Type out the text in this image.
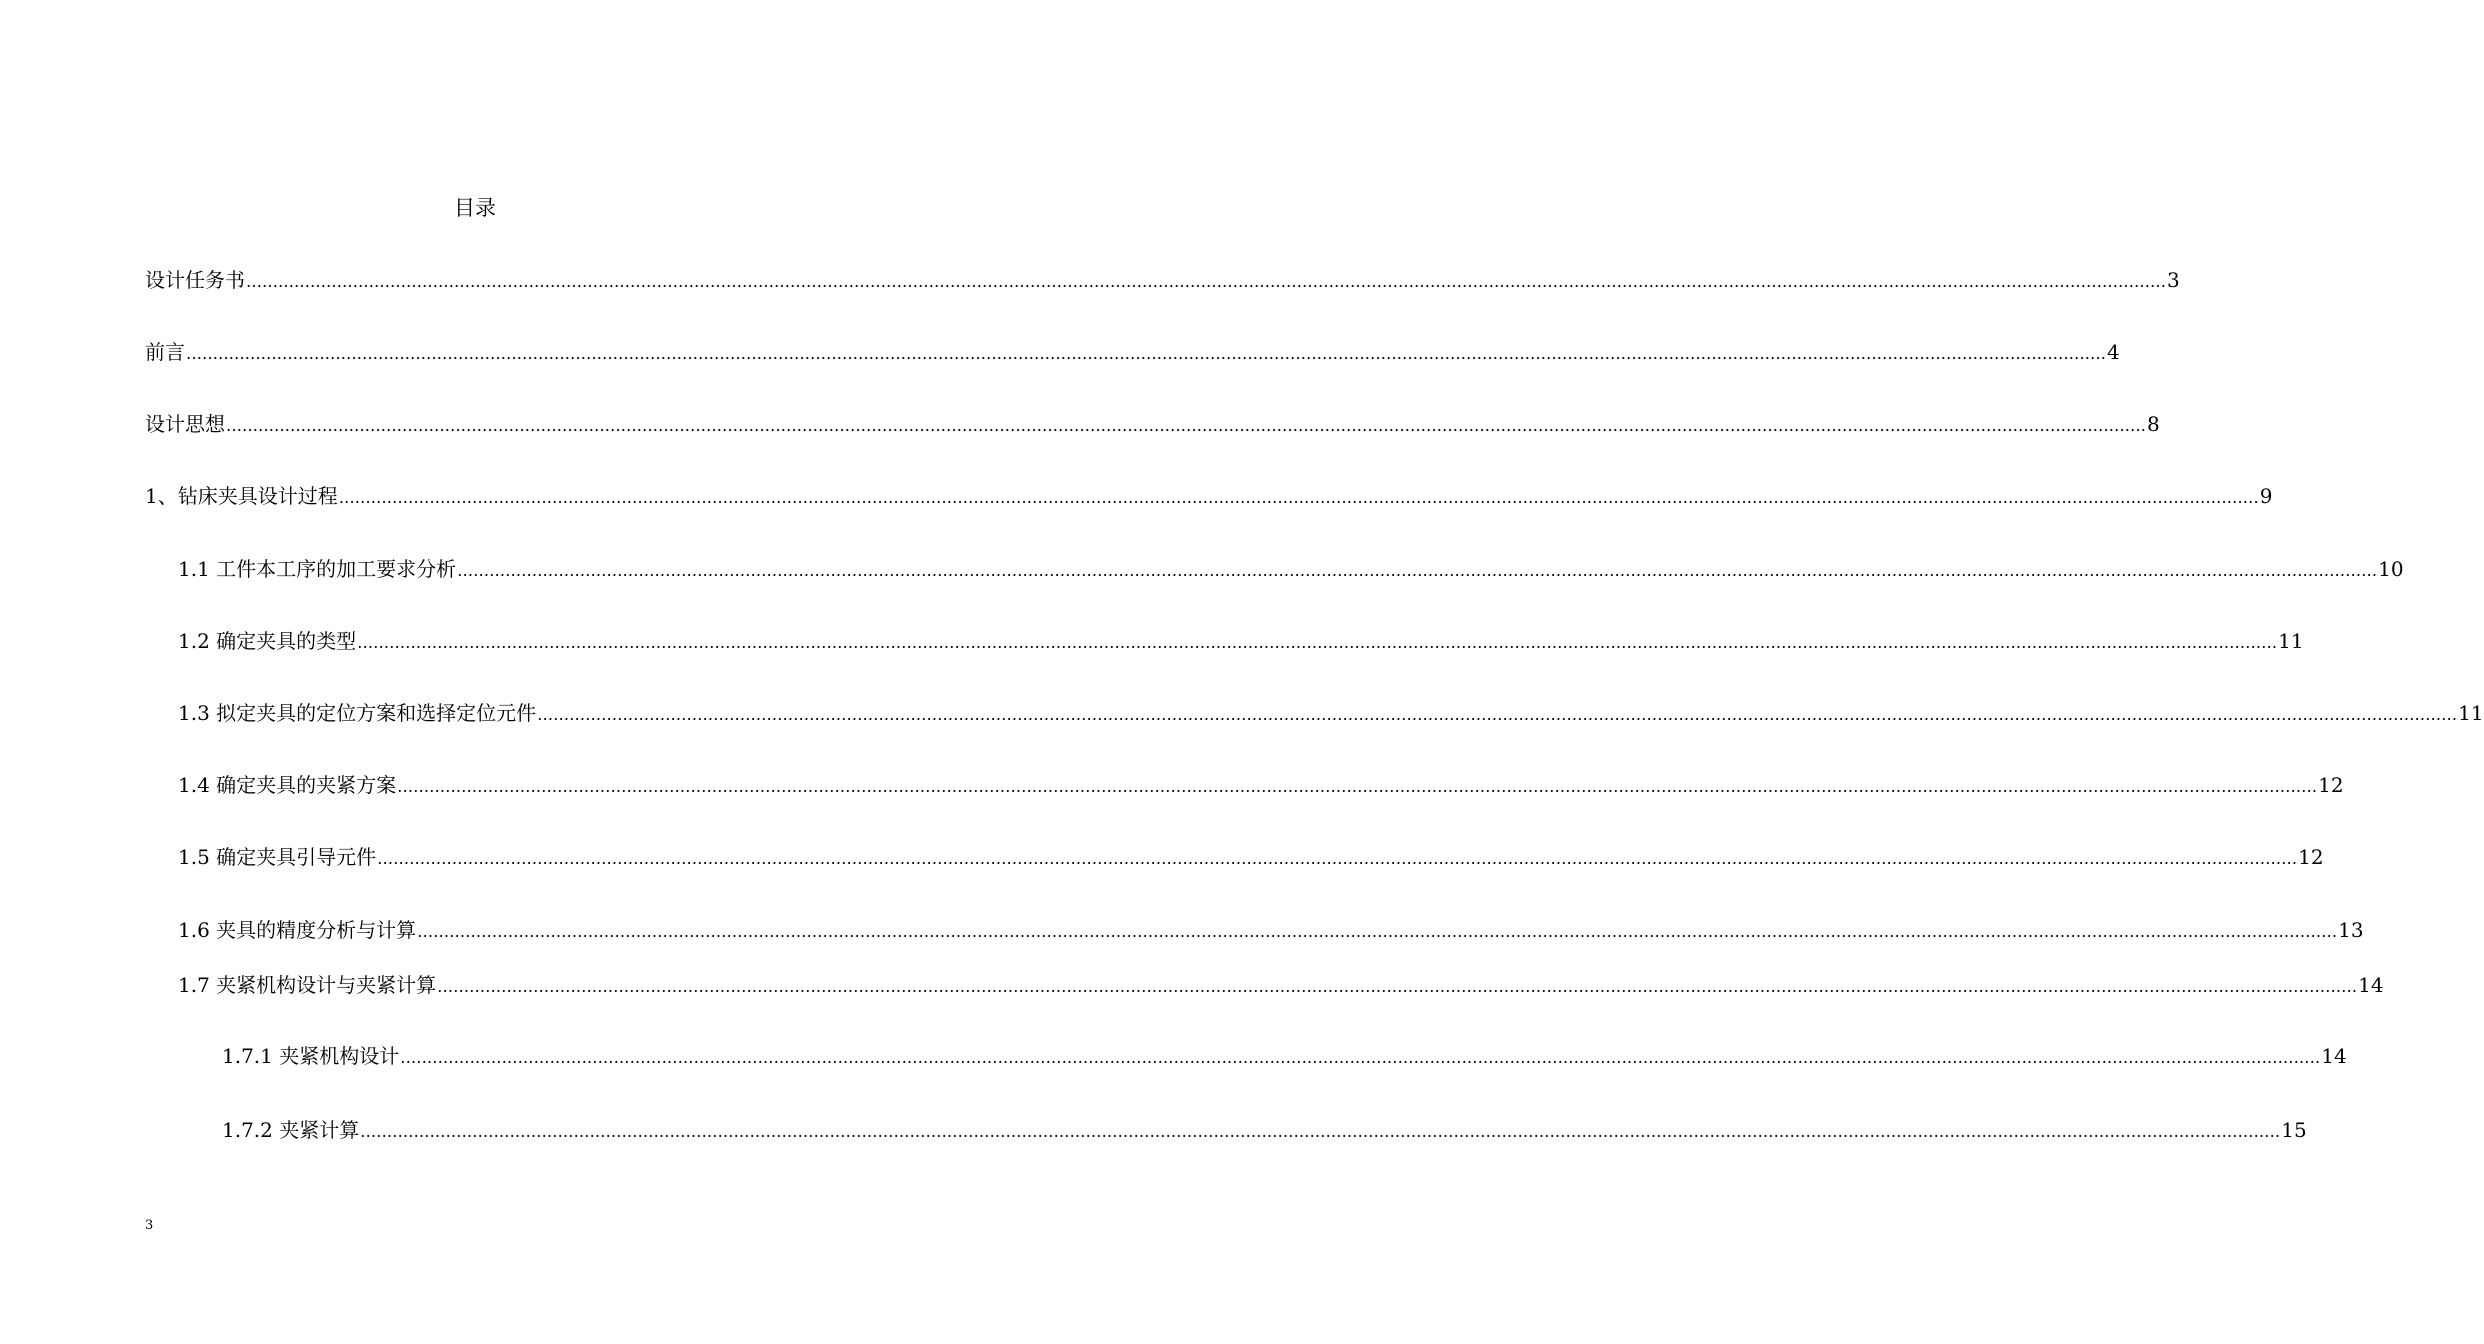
目录
设计任务书 ……………………………………………………………………………………………………………………………………………………………………………………………………………………………………………………………………………………………………………………………… 3
前言 ……………………………………………………………………………………………………………………………………………………………………………………………………………………………………………………………………………………………………………………………… 4
设计思想 ……………………………………………………………………………………………………………………………………………………………………………………………………………………………………………………………………………………………………………………………… 8
1、钻床夹具设计过程 ……………………………………………………………………………………………………………………………………………………………………………………………………………………………………………………………………………………………………………………………… 9
1.1 工件本工序的加工要求分析 ……………………………………………………………………………………………………………………………………………………………………………………………………………………………………………………………………………………………………………………………… 10
1.2 确定夹具的类型 ……………………………………………………………………………………………………………………………………………………………………………………………………………………………………………………………………………………………………………………………… 11
1.3 拟定夹具的定位方案和选择定位元件 ……………………………………………………………………………………………………………………………………………………………………………………………………………………………………………………………………………………………………………………………… 11
1.4 确定夹具的夹紧方案 ……………………………………………………………………………………………………………………………………………………………………………………………………………………………………………………………………………………………………………………………… 12
1.5 确定夹具引导元件 ……………………………………………………………………………………………………………………………………………………………………………………………………………………………………………………………………………………………………………………………… 12
1.6 夹具的精度分析与计算 ……………………………………………………………………………………………………………………………………………………………………………………………………………………………………………………………………………………………………………………………… 13
1.7 夹紧机构设计与夹紧计算 ……………………………………………………………………………………………………………………………………………………………………………………………………………………………………………………………………………………………………………………………… 14
1.7.1 夹紧机构设计 ……………………………………………………………………………………………………………………………………………………………………………………………………………………………………………………………………………………………………………………………… 14
1.7.2 夹紧计算 ……………………………………………………………………………………………………………………………………………………………………………………………………………………………………………………………………………………………………………………………… 15
3
